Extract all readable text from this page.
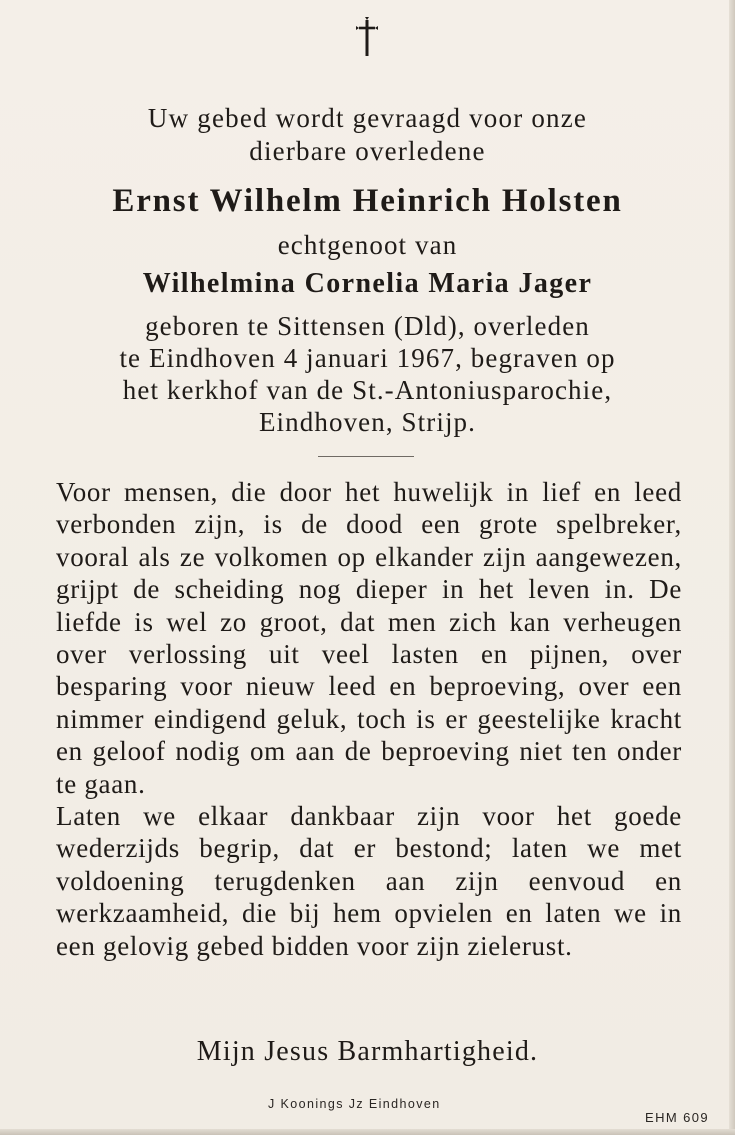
Uw gebed wordt gevraagd voor onze
dierbare overledene
Ernst Wilhelm Heinrich Holsten
echtgenoot van
Wilhelmina Cornelia Maria Jager
geboren te Sittensen (Dld), overleden
te Eindhoven 4 januari 1967, begraven op
het kerkhof van de St.-Antoniusparochie,
Eindhoven, Strijp.

Voor mensen, die door het huwelijk in lief en leed verbonden zijn, is de dood een grote spelbreker, vooral als ze volkomen op elkander zijn aangewezen, grijpt de scheiding nog dieper in het leven in. De liefde is wel zo groot, dat men zich kan verheugen over verlossing uit veel lasten en pijnen, over besparing voor nieuw leed en beproeving, over een nimmer eindigend geluk, toch is er geestelijke kracht en geloof nodig om aan de beproeving niet ten onder te gaan.

Laten we elkaar dankbaar zijn voor het goede wederzijds begrip, dat er bestond; laten we met voldoening terugdenken aan zijn eenvoud en werkzaamheid, die bij hem opvielen en laten we in een gelovig gebed bidden voor zijn zielerust.

Mijn Jesus Barmhartigheid.
J Koonings Jz Eindhoven
EHM 609
